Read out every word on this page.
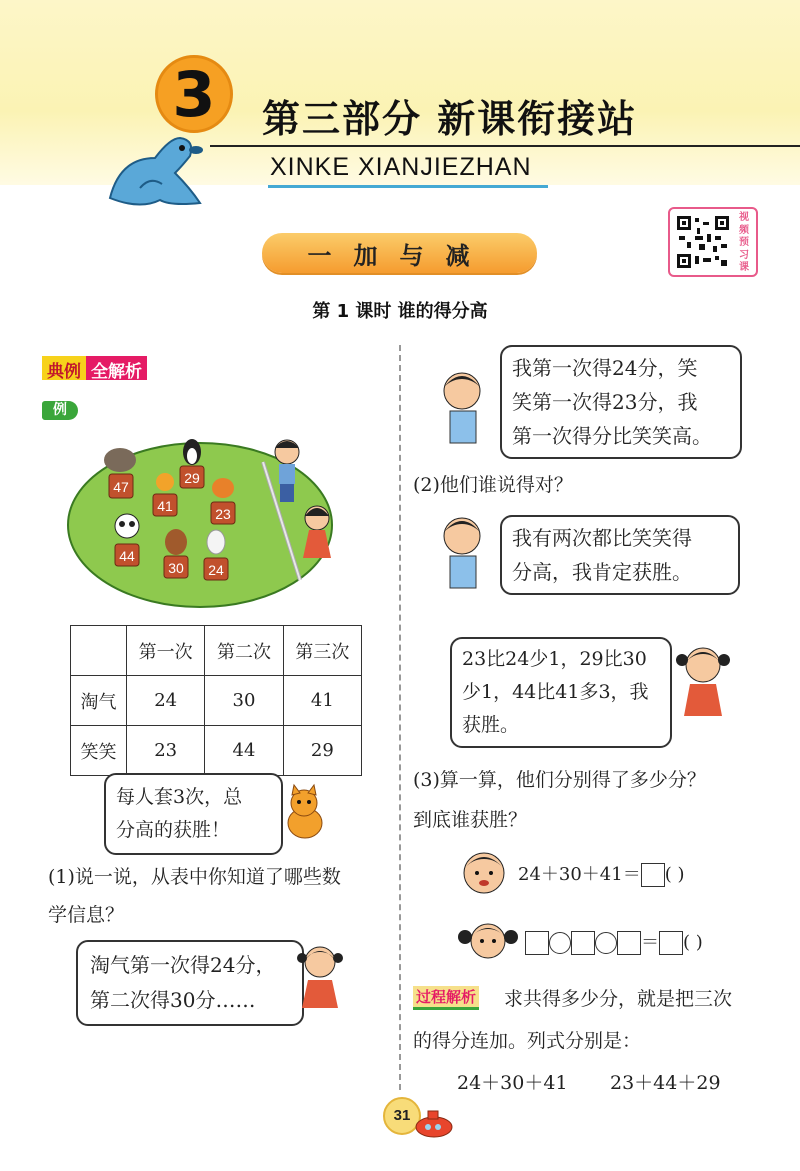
3	第三部分 新课衔接站
XINKE XIANJIEZHAN
视频预习课
一加与减
第 1 课时 谁的得分高
典例 全解析
例
47
29
41	23
44
30 24
	第一次	第二次	第三次
淘气	24	30	41
笑笑	23	44	29
每人套3次，总
分高的获胜！
(1)说一说，从表中你知道了哪些数
学信息？
淘气第一次得24分，
第二次得30分……
我第一次得24分，笑
笑第一次得23分，我
第一次得分比笑笑高。
(2)他们谁说得对？
我有两次都比笑笑得
分高，我肯定获胜。
23比24少1，29比30
少1，44比41多3，我
获胜。
(3)算一算，他们分别得了多少分？
到底谁获胜？
24＋30＋41＝ ( )
＝ ( )
过程解析 求共得多少分，就是把三次
的得分连加。列式分别是：
24＋30＋41 23＋44＋29
31
